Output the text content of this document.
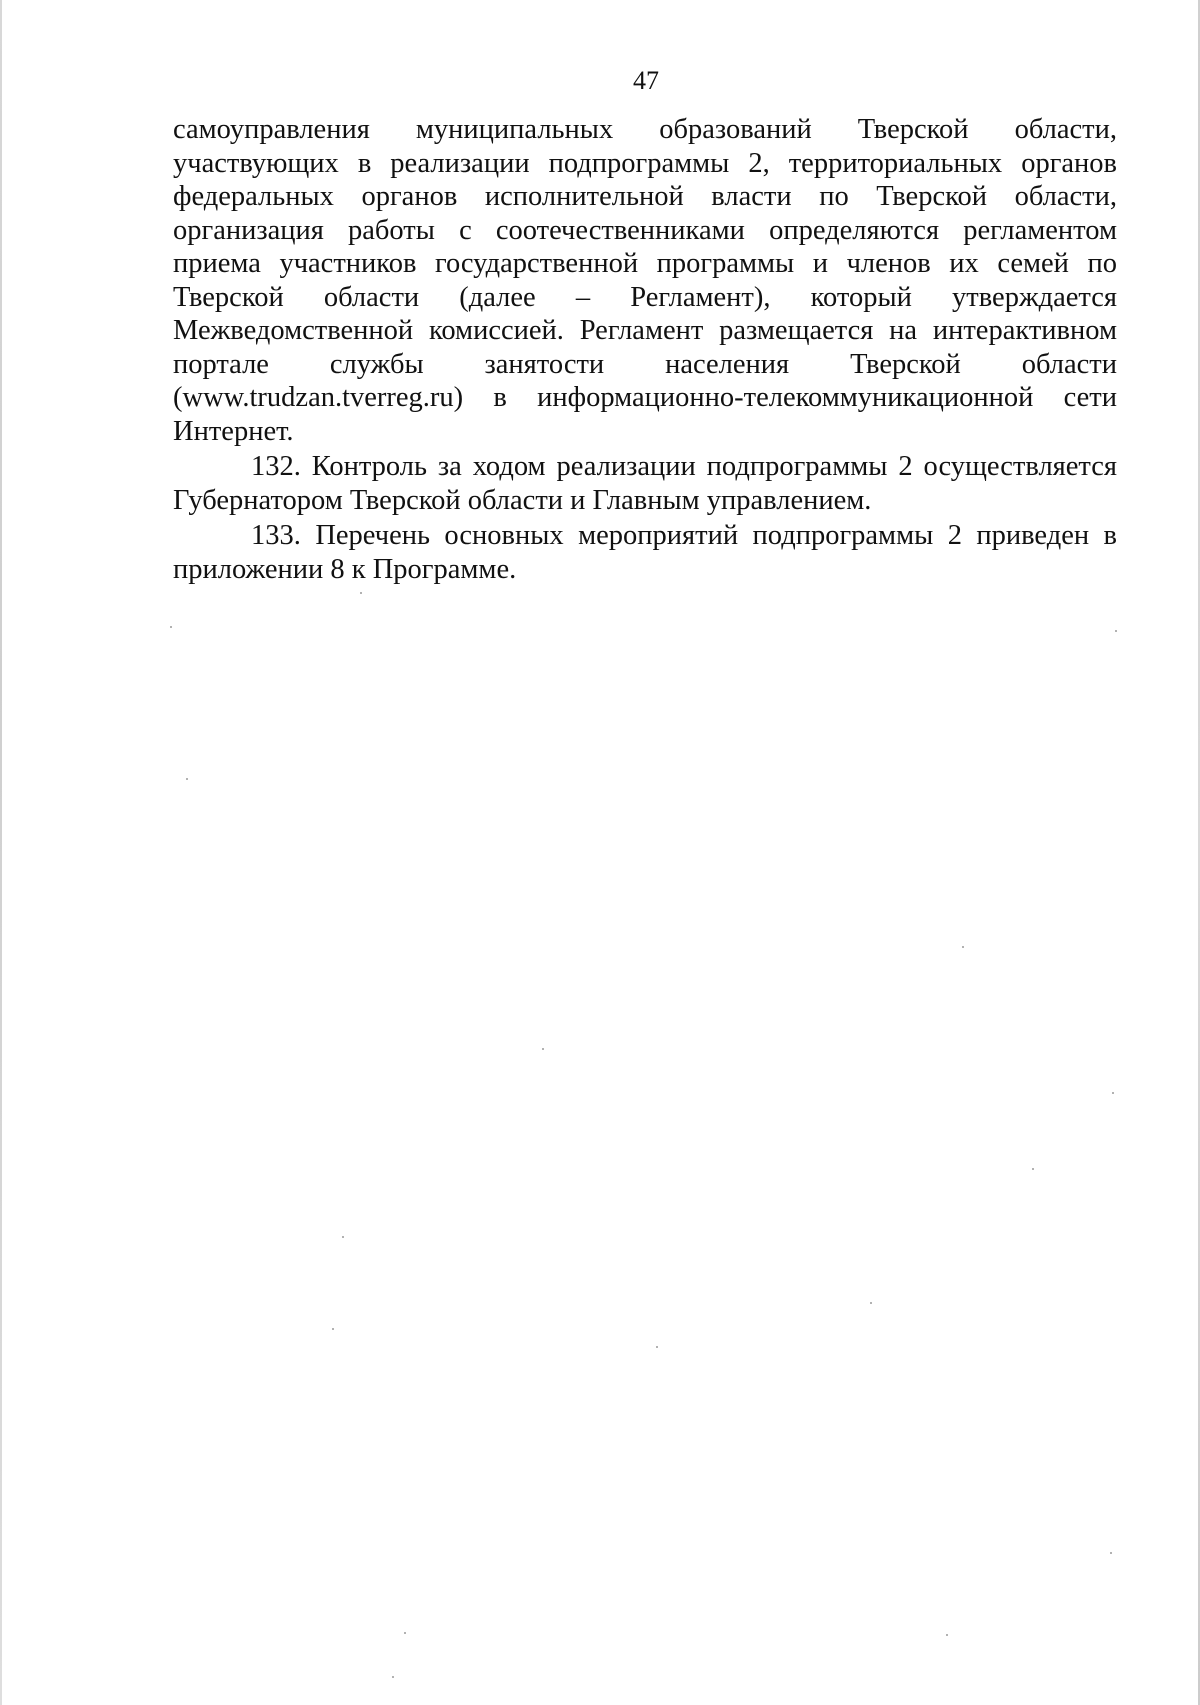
47

самоуправления муниципальных образований Тверской области, участвующих в реализации подпрограммы 2, территориальных органов федеральных органов исполнительной власти по Тверской области, организация работы с соотечественниками определяются регламентом приема участников государственной программы и членов их семей по Тверской области (далее – Регламент), который утверждается Межведомственной комиссией. Регламент размещается на интерактивном портале службы занятости населения Тверской области (www.trudzan.tverreg.ru) в информационно-телекоммуникационной сети Интернет.

132. Контроль за ходом реализации подпрограммы 2 осуществляется Губернатором Тверской области и Главным управлением.

133. Перечень основных мероприятий подпрограммы 2 приведен в приложении 8 к Программе.
